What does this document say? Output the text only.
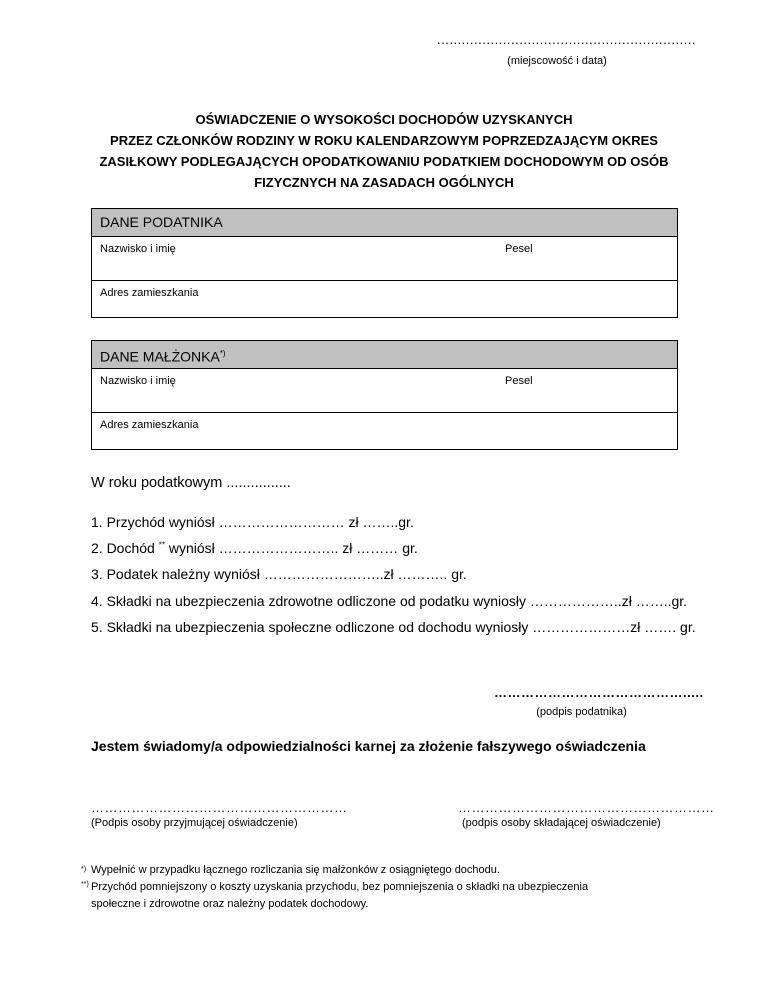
...............................................................
(miejscowość i data)
OŚWIADCZENIE O WYSOKOŚCI DOCHODÓW UZYSKANYCH
PRZEZ CZŁONKÓW RODZINY W ROKU KALENDARZOWYM POPRZEDZAJĄCYM OKRES
ZASIŁKOWY PODLEGAJĄCYCH OPODATKOWANIU PODATKIEM DOCHODOWYM OD OSÓB
FIZYCZNYCH NA ZASADACH OGÓLNYCH
DANE PODATNIKA
Nazwisko i imię	Pesel
Adres zamieszkania
DANE MAŁŻONKA*)
Nazwisko i imię	Pesel
Adres zamieszkania
W roku podatkowym ................
1. Przychód wyniósł ……………………… zł ……..gr.
2. Dochód ** wyniósł …………………….. zł ……… gr.
3. Podatek należny wyniósł ……………………..zł ……….. gr.
4. Składki na ubezpieczenia zdrowotne odliczone od podatku wyniosły ………………..zł ……..gr.
5. Składki na ubezpieczenia społeczne odliczone od dochodu wyniosły …………………zł ……. gr.
…………………………………….....
(podpis podatnika)
Jestem świadomy/a odpowiedzialności karnej za złożenie fałszywego oświadczenia
…………………………………………………	…………………………………………………
(Podpis osoby przyjmującej oświadczenie)	(podpis osoby składającej oświadczenie)
*) Wypełnić w przypadku łącznego rozliczania się małżonków z osiągniętego dochodu.
**) Przychód pomniejszony o koszty uzyskania przychodu, bez pomniejszenia o składki na ubezpieczenia
społeczne i zdrowotne oraz należny podatek dochodowy.
